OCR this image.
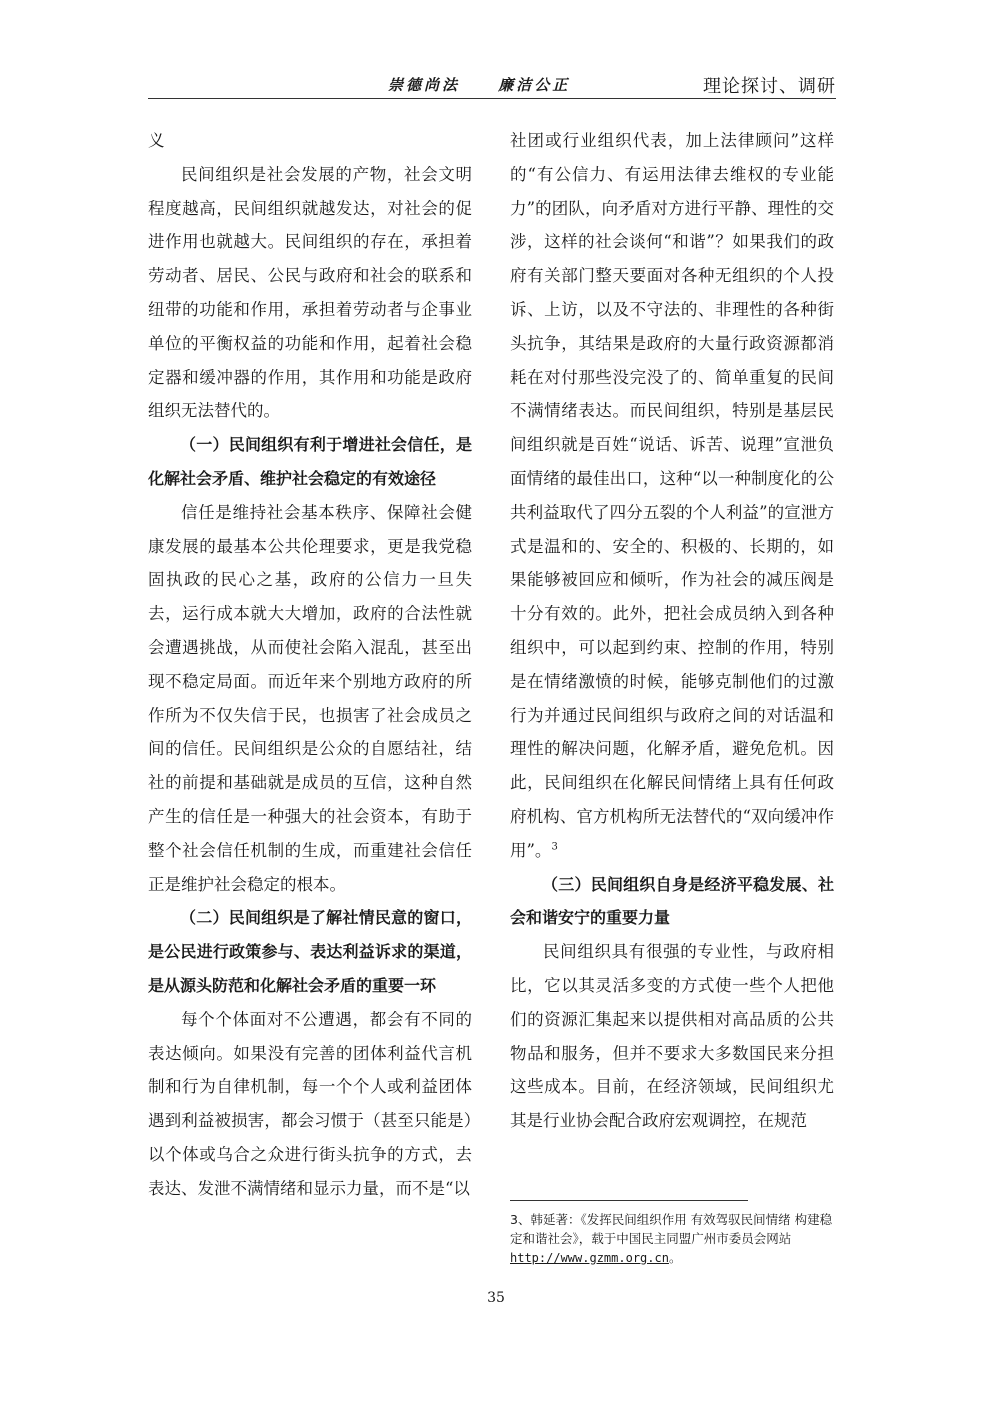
崇德尚法	廉洁公正	理论探讨、调研

义

民间组织是社会发展的产物，社会文明程度越高，民间组织就越发达，对社会的促进作用也就越大。民间组织的存在，承担着劳动者、居民、公民与政府和社会的联系和纽带的功能和作用，承担着劳动者与企事业单位的平衡权益的功能和作用，起着社会稳定器和缓冲器的作用，其作用和功能是政府组织无法替代的。

（一）民间组织有利于增进社会信任，是化解社会矛盾、维护社会稳定的有效途径

信任是维持社会基本秩序、保障社会健康发展的最基本公共伦理要求，更是我党稳固执政的民心之基，政府的公信力一旦失去，运行成本就大大增加，政府的合法性就会遭遇挑战，从而使社会陷入混乱，甚至出现不稳定局面。而近年来个别地方政府的所作所为不仅失信于民，也损害了社会成员之间的信任。民间组织是公众的自愿结社，结社的前提和基础就是成员的互信，这种自然产生的信任是一种强大的社会资本，有助于整个社会信任机制的生成，而重建社会信任正是维护社会稳定的根本。

（二）民间组织是了解社情民意的窗口，是公民进行政策参与、表达利益诉求的渠道，是从源头防范和化解社会矛盾的重要一环

每个个体面对不公遭遇，都会有不同的表达倾向。如果没有完善的团体利益代言机制和行为自律机制，每一个个人或利益团体遇到利益被损害，都会习惯于（甚至只能是）以个体或乌合之众进行街头抗争的方式，去表达、发泄不满情绪和显示力量，而不是“以

社团或行业组织代表，加上法律顾问”这样的“有公信力、有运用法律去维权的专业能力”的团队，向矛盾对方进行平静、理性的交涉，这样的社会谈何“和谐”？如果我们的政府有关部门整天要面对各种无组织的个人投诉、上访，以及不守法的、非理性的各种街头抗争，其结果是政府的大量行政资源都消耗在对付那些没完没了的、简单重复的民间不满情绪表达。而民间组织，特别是基层民间组织就是百姓“说话、诉苦、说理”宣泄负面情绪的最佳出口，这种“以一种制度化的公共利益取代了四分五裂的个人利益”的宣泄方式是温和的、安全的、积极的、长期的，如果能够被回应和倾听，作为社会的减压阀是十分有效的。此外，把社会成员纳入到各种组织中，可以起到约束、控制的作用，特别是在情绪激愤的时候，能够克制他们的过激行为并通过民间组织与政府之间的对话温和理性的解决问题，化解矛盾，避免危机。因此，民间组织在化解民间情绪上具有任何政府机构、官方机构所无法替代的“双向缓冲作用”。$^3$

（三）民间组织自身是经济平稳发展、社会和谐安宁的重要力量

民间组织具有很强的专业性，与政府相比，它以其灵活多变的方式使一些个人把他们的资源汇集起来以提供相对高品质的公共物品和服务，但并不要求大多数国民来分担这些成本。目前，在经济领域，民间组织尤其是行业协会配合政府宏观调控，在规范

3、韩延著：《发挥民间组织作用 有效驾驭民间情绪 构建稳定和谐社会》，载于中国民主同盟广州市委员会网站 http://www.gzmm.org.cn。
35
